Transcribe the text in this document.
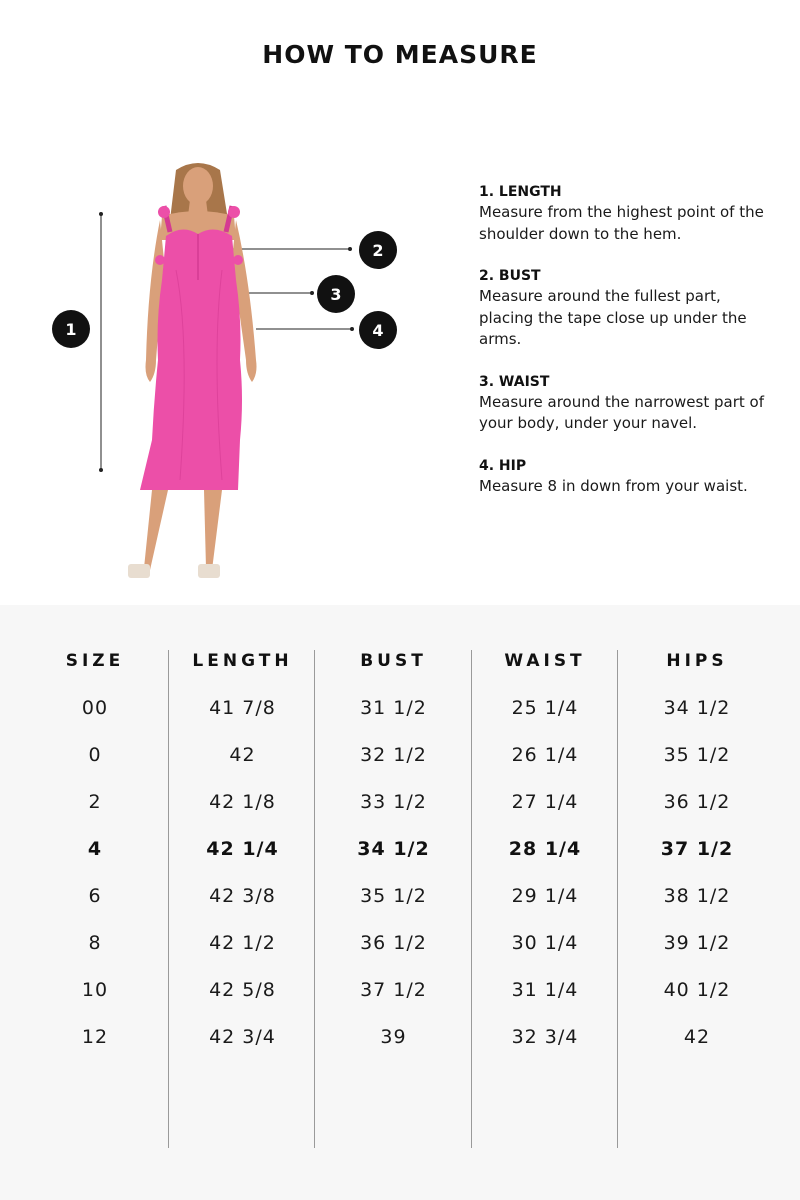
HOW TO MEASURE
1
2
3
4
1. LENGTH
Measure from the highest point of the shoulder down to the hem.
2. BUST
Measure around the fullest part, placing the tape close up under the arms.
3. WAIST
Measure around the narrowest part of your body, under your navel.
4. HIP
Measure 8 in down from your waist.
SIZE
00
0
2
4
6
8
10
12
LENGTH
41 7/8
42
42 1/8
42 1/4
42 3/8
42 1/2
42 5/8
42 3/4
BUST
31 1/2
32 1/2
33 1/2
34 1/2
35 1/2
36 1/2
37 1/2
39
WAIST
25 1/4
26 1/4
27 1/4
28 1/4
29 1/4
30 1/4
31 1/4
32 3/4
HIPS
34 1/2
35 1/2
36 1/2
37 1/2
38 1/2
39 1/2
40 1/2
42
